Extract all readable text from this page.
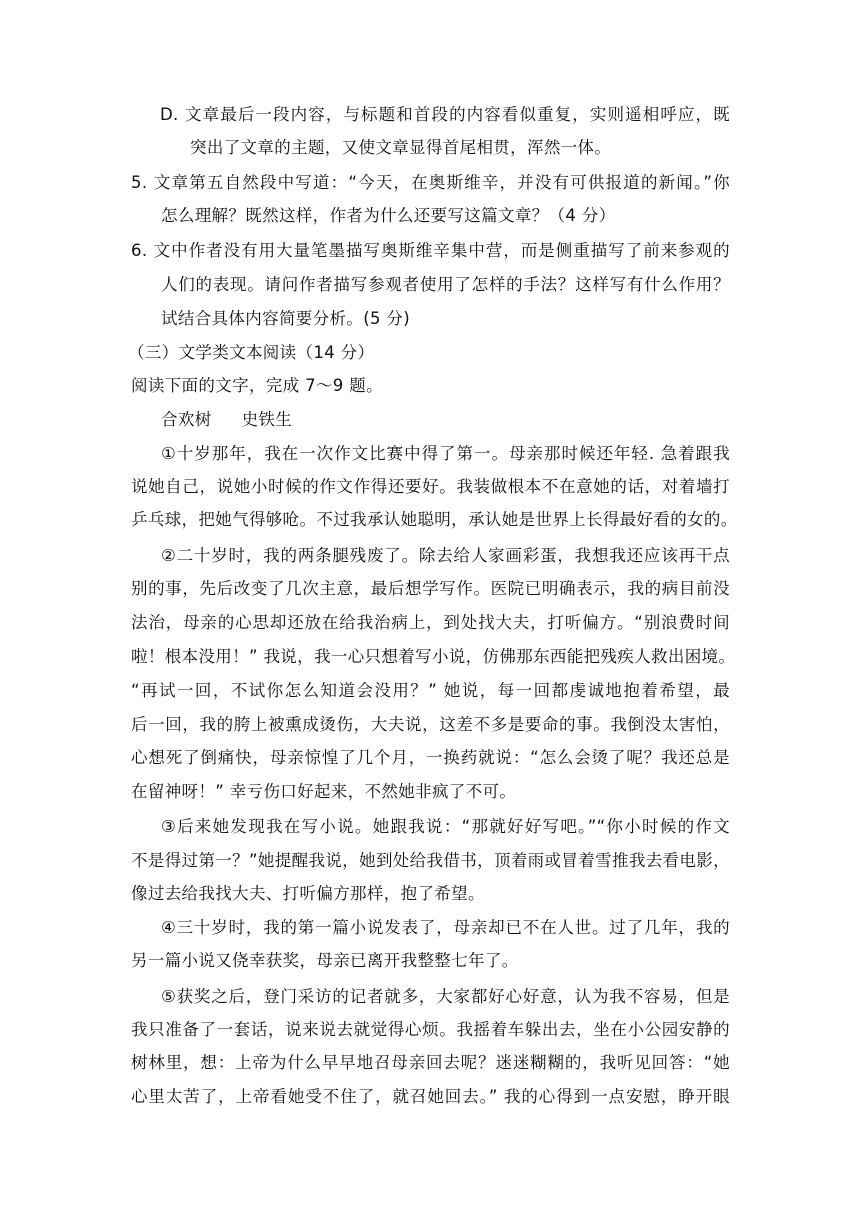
D. 文章最后一段内容，与标题和首段的内容看似重复，实则遥相呼应，既
突出了文章的主题，又使文章显得首尾相贯，浑然一体。
5. 文章第五自然段中写道：“今天，在奥斯维辛，并没有可供报道的新闻。”你
怎么理解？既然这样，作者为什么还要写这篇文章？（4 分）
6. 文中作者没有用大量笔墨描写奥斯维辛集中营，而是侧重描写了前来参观的
人们的表现。请问作者描写参观者使用了怎样的手法？这样写有什么作用？
试结合具体内容简要分析。(5 分)
（三）文学类文本阅读（14 分）
阅读下面的文字，完成 7～9 题。
合欢树 史铁生
①十岁那年，我在一次作文比赛中得了第一。母亲那时候还年轻. 急着跟我
说她自己，说她小时候的作文作得还要好。我装做根本不在意她的话，对着墙打
乒乓球，把她气得够呛。不过我承认她聪明，承认她是世界上长得最好看的女的。
②二十岁时，我的两条腿残废了。除去给人家画彩蛋，我想我还应该再干点
别的事，先后改变了几次主意，最后想学写作。医院已明确表示，我的病目前没
法治，母亲的心思却还放在给我治病上，到处找大夫，打听偏方。“别浪费时间
啦！根本没用！” 我说，我一心只想着写小说，仿佛那东西能把残疾人救出困境。
“再试一回，不试你怎么知道会没用？” 她说，每一回都虔诚地抱着希望，最
后一回，我的胯上被熏成烫伤，大夫说，这差不多是要命的事。我倒没太害怕，
心想死了倒痛快，母亲惊惶了几个月，一换药就说：“怎么会烫了呢？我还总是
在留神呀！” 幸亏伤口好起来，不然她非疯了不可。
③后来她发现我在写小说。她跟我说：“那就好好写吧。”“你小时候的作文
不是得过第一？”她提醒我说，她到处给我借书，顶着雨或冒着雪推我去看电影，
像过去给我找大夫、打听偏方那样，抱了希望。
④三十岁时，我的第一篇小说发表了，母亲却已不在人世。过了几年，我的
另一篇小说又侥幸获奖，母亲已离开我整整七年了。
⑤获奖之后，登门采访的记者就多，大家都好心好意，认为我不容易，但是
我只准备了一套话，说来说去就觉得心烦。我摇着车躲出去，坐在小公园安静的
树林里，想：上帝为什么早早地召母亲回去呢？迷迷糊糊的，我听见回答：“她
心里太苦了，上帝看她受不住了，就召她回去。” 我的心得到一点安慰，睁开眼
